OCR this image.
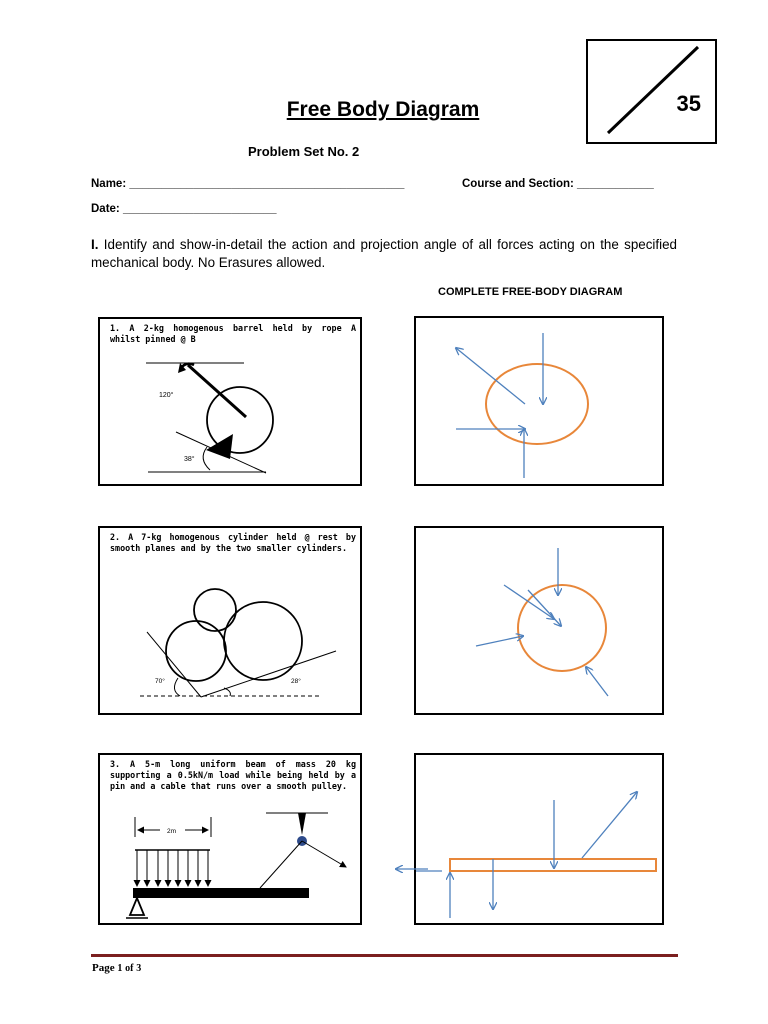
Free Body Diagram	35
Problem Set No. 2
Name: ___________________________________________	Course and Section: ____________
Date: ________________________
I. Identify and show-in-detail the action and projection angle of all forces acting on the specified mechanical body. No Erasures allowed.
COMPLETE FREE-BODY DIAGRAM
1. A 2-kg homogenous barrel held by rope A whilst pinned @ B
120°
38°
2. A 7-kg homogenous cylinder held @ rest by smooth planes and by the two smaller cylinders.
70°	28°
3. A 5-m long uniform beam of mass 20 kg supporting a 0.5kN/m load while being held by a pin and a cable that runs over a smooth pulley.
2m
Page 1 of 3
